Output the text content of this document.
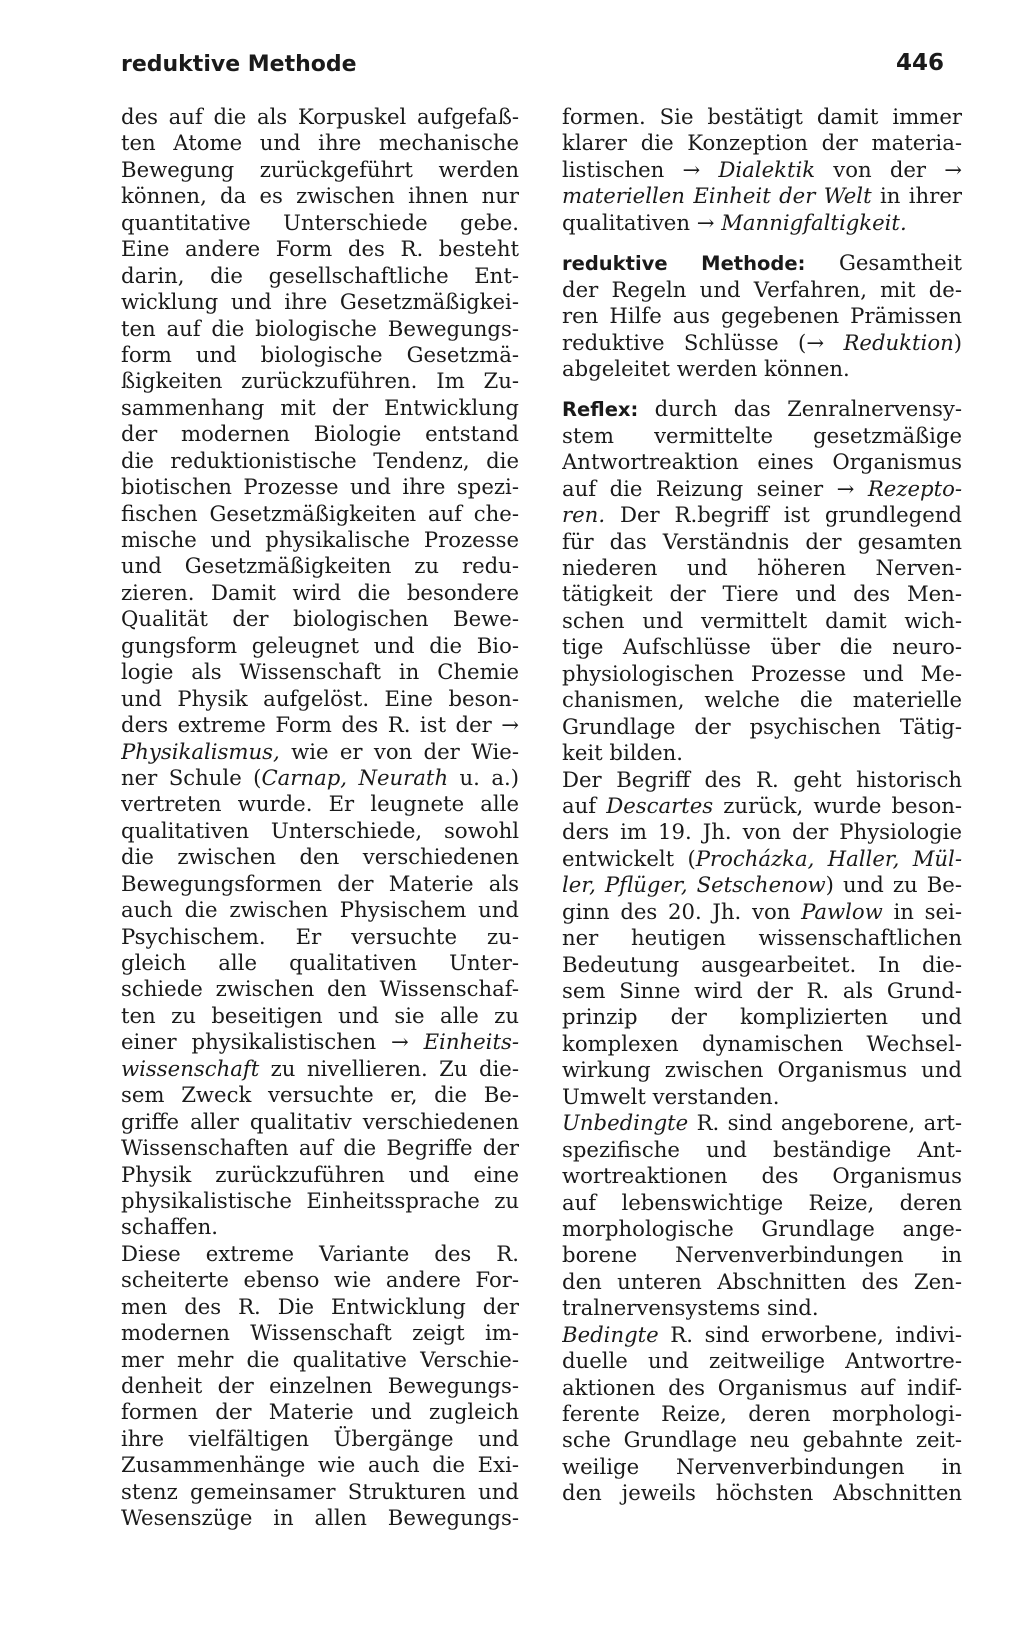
reduktive Methode	446
des auf die als Korpuskel aufgefaß-
ten Atome und ihre mechanische
Bewegung zurückgeführt werden
können, da es zwischen ihnen nur
quantitative Unterschiede gebe.
Eine andere Form des R. besteht
darin, die gesellschaftliche Ent-
wicklung und ihre Gesetzmäßigkei-
ten auf die biologische Bewegungs-
form und biologische Gesetzmä-
ßigkeiten zurückzuführen. Im Zu-
sammenhang mit der Entwicklung
der modernen Biologie entstand
die reduktionistische Tendenz, die
biotischen Prozesse und ihre spezi-
fischen Gesetzmäßigkeiten auf che-
mische und physikalische Prozesse
und Gesetzmäßigkeiten zu redu-
zieren. Damit wird die besondere
Qualität der biologischen Bewe-
gungsform geleugnet und die Bio-
logie als Wissenschaft in Chemie
und Physik aufgelöst. Eine beson-
ders extreme Form des R. ist der →
Physikalismus, wie er von der Wie-
ner Schule (Carnap, Neurath u. a.)
vertreten wurde. Er leugnete alle
qualitativen Unterschiede, sowohl
die zwischen den verschiedenen
Bewegungsformen der Materie als
auch die zwischen Physischem und
Psychischem. Er versuchte zu-
gleich alle qualitativen Unter-
schiede zwischen den Wissenschaf-
ten zu beseitigen und sie alle zu
einer physikalistischen → Einheits-
wissenschaft zu nivellieren. Zu die-
sem Zweck versuchte er, die Be-
griffe aller qualitativ verschiedenen
Wissenschaften auf die Begriffe der
Physik zurückzuführen und eine
physikalistische Einheitssprache zu
schaffen.
Diese extreme Variante des R.
scheiterte ebenso wie andere For-
men des R. Die Entwicklung der
modernen Wissenschaft zeigt im-
mer mehr die qualitative Verschie-
denheit der einzelnen Bewegungs-
formen der Materie und zugleich
ihre vielfältigen Übergänge und
Zusammenhänge wie auch die Exi-
stenz gemeinsamer Strukturen und
Wesenszüge in allen Bewegungs-
formen. Sie bestätigt damit immer
klarer die Konzeption der materia-
listischen → Dialektik von der →
materiellen Einheit der Welt in ihrer
qualitativen → Mannigfaltigkeit.
reduktive Methode: Gesamtheit
der Regeln und Verfahren, mit de-
ren Hilfe aus gegebenen Prämissen
reduktive Schlüsse (→ Reduktion)
abgeleitet werden können.
Reflex: durch das Zenralnervensy-
stem vermittelte gesetzmäßige
Antwortreaktion eines Organismus
auf die Reizung seiner → Rezepto-
ren. Der R.begriff ist grundlegend
für das Verständnis der gesamten
niederen und höheren Nerven-
tätigkeit der Tiere und des Men-
schen und vermittelt damit wich-
tige Aufschlüsse über die neuro-
physiologischen Prozesse und Me-
chanismen, welche die materielle
Grundlage der psychischen Tätig-
keit bilden.
Der Begriff des R. geht historisch
auf Descartes zurück, wurde beson-
ders im 19. Jh. von der Physiologie
entwickelt (Procházka, Haller, Mül-
ler, Pflüger, Setschenow) und zu Be-
ginn des 20. Jh. von Pawlow in sei-
ner heutigen wissenschaftlichen
Bedeutung ausgearbeitet. In die-
sem Sinne wird der R. als Grund-
prinzip der komplizierten und
komplexen dynamischen Wechsel-
wirkung zwischen Organismus und
Umwelt verstanden.
Unbedingte R. sind angeborene, art-
spezifische und beständige Ant-
wortreaktionen des Organismus
auf lebenswichtige Reize, deren
morphologische Grundlage ange-
borene Nervenverbindungen in
den unteren Abschnitten des Zen-
tralnervensystems sind.
Bedingte R. sind erworbene, indivi-
duelle und zeitweilige Antwortre-
aktionen des Organismus auf indif-
ferente Reize, deren morphologi-
sche Grundlage neu gebahnte zeit-
weilige Nervenverbindungen in
den jeweils höchsten Abschnitten
